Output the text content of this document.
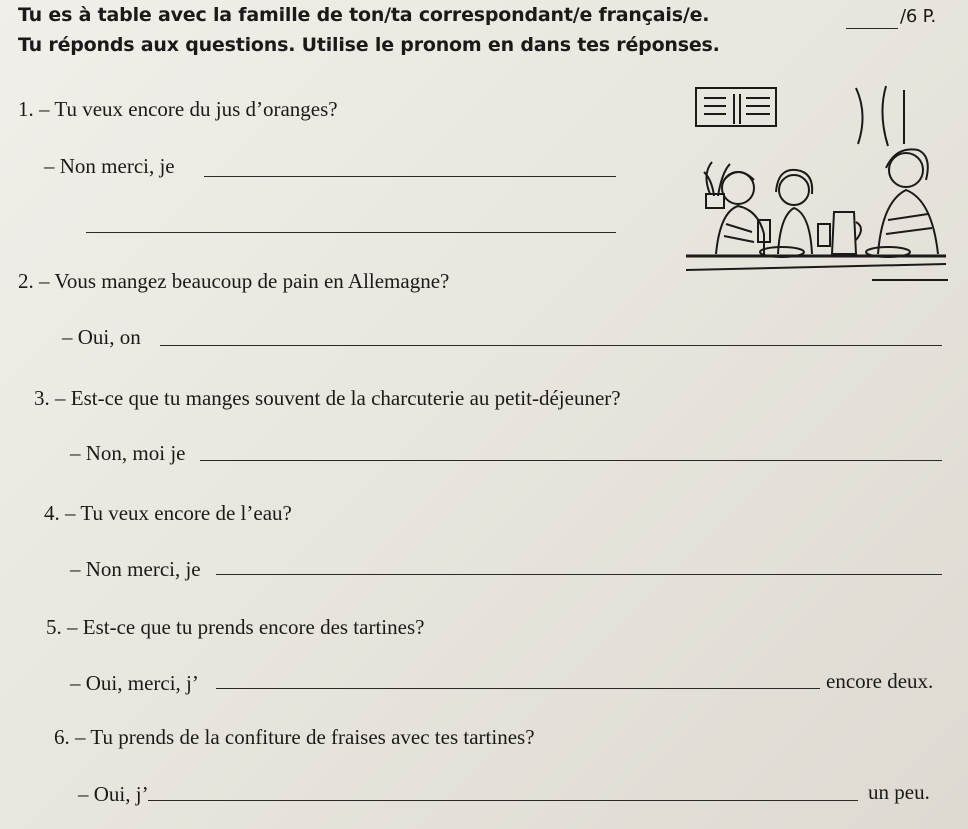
Tu es à table avec la famille de ton/ta correspondant/e français/e.	/6 P.
Tu réponds aux questions. Utilise le pronom en dans tes réponses.
1. – Tu veux encore du jus d’oranges?
– Non merci, je
2. – Vous mangez beaucoup de pain en Allemagne?
– Oui, on
3. – Est-ce que tu manges souvent de la charcuterie au petit-déjeuner?
– Non, moi je
4. – Tu veux encore de l’eau?
– Non merci, je
5. – Est-ce que tu prends encore des tartines?
– Oui, merci, j’	encore deux.
6. – Tu prends de la confiture de fraises avec tes tartines?
– Oui, j’	un peu.
